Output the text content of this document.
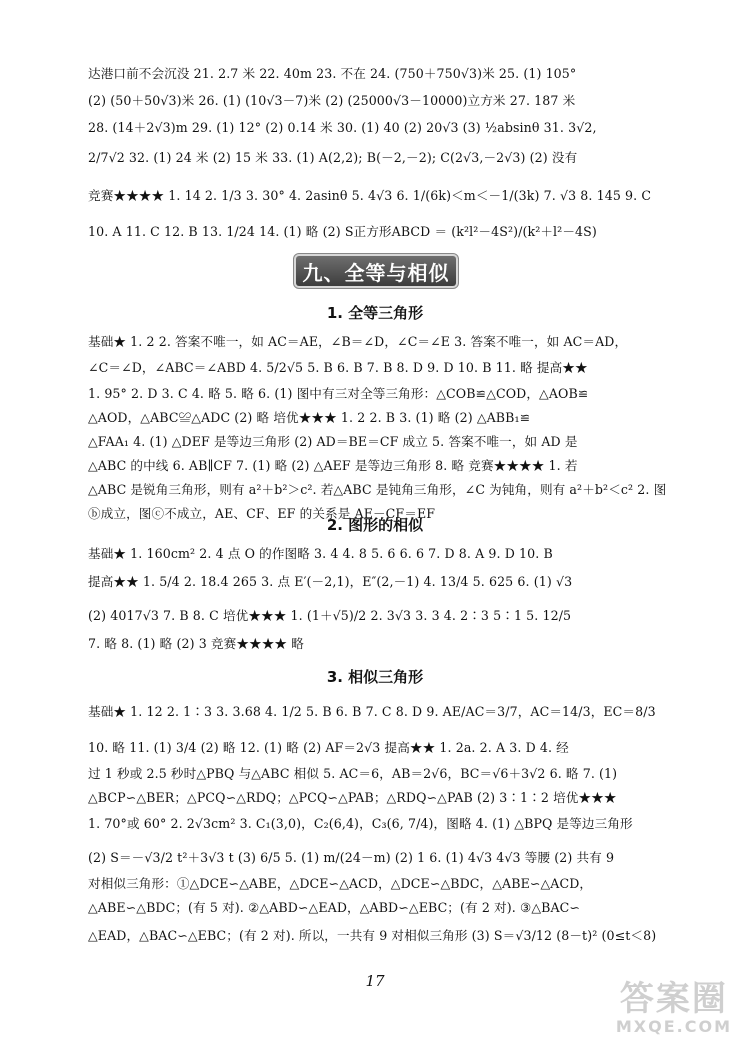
达港口前不会沉没 21. 2.7 米 22. 40m 23. 不在 24. (750＋750√3)米 25. (1) 105°
(2) (50＋50√3)米 26. (1) (10√3－7)米 (2) (25000√3－10000)立方米 27. 187 米
28. (14＋2√3)m 29. (1) 12° (2) 0.14 米 30. (1) 40 (2) 20√3 (3) ½absinθ 31. 3√2,
2/7√2 32. (1) 24 米 (2) 15 米 33. (1) A(2,2); B(－2,－2); C(2√3,－2√3) (2) 没有
竞赛★★★★ 1. 14 2. 1/3 3. 30° 4. 2asinθ 5. 4√3 6. 1/(6k)＜m＜－1/(3k) 7. √3 8. 145 9. C
10. A 11. C 12. B 13. 1/24 14. (1) 略 (2) S正方形ABCD ＝ (k²l²－4S²)/(k²＋l²－4S)
九、全等与相似
1. 全等三角形
基础★ 1. 2 2. 答案不唯一，如 AC＝AE，∠B＝∠D，∠C＝∠E 3. 答案不唯一，如 AC＝AD，
∠C＝∠D，∠ABC＝∠ABD 4. 5/2√5 5. B 6. B 7. B 8. D 9. D 10. B 11. 略 提高★★
1. 95° 2. D 3. C 4. 略 5. 略 6. (1) 图中有三对全等三角形：△COB≌△COD，△AOB≌
△AOD，△ABC≌△ADC (2) 略 培优★★★ 1. 2 2. B 3. (1) 略 (2) △ABB₁≌
△FAA₁ 4. (1) △DEF 是等边三角形 (2) AD＝BE＝CF 成立 5. 答案不唯一，如 AD 是
△ABC 的中线 6. AB∥CF 7. (1) 略 (2) △AEF 是等边三角形 8. 略 竞赛★★★★ 1. 若
△ABC 是锐角三角形，则有 a²＋b²＞c². 若△ABC 是钝角三角形，∠C 为钝角，则有 a²＋b²＜c² 2. 图
ⓑ成立，图ⓒ不成立，AE、CF、EF 的关系是 AE－CF＝EF
2. 图形的相似
基础★ 1. 160cm² 2. 4 点 O 的作图略 3. 4 4. 8 5. 6 6. 6 7. D 8. A 9. D 10. B
提高★★ 1. 5/4 2. 18.4 265 3. 点 E′(－2,1)，E″(2,－1) 4. 13/4 5. 625 6. (1) √3
(2) 4017√3 7. B 8. C 培优★★★ 1. (1＋√5)/2 2. 3√3 3. 3 4. 2∶3 5∶1 5. 12/5
7. 略 8. (1) 略 (2) 3 竞赛★★★★ 略
3. 相似三角形
基础★ 1. 12 2. 1∶3 3. 3.68 4. 1/2 5. B 6. B 7. C 8. D 9. AE/AC＝3/7，AC＝14/3，EC＝8/3
10. 略 11. (1) 3/4 (2) 略 12. (1) 略 (2) AF＝2√3 提高★★ 1. 2a. 2. A 3. D 4. 经
过 1 秒或 2.5 秒时△PBQ 与△ABC 相似 5. AC＝6，AB＝2√6，BC＝√6＋3√2 6. 略 7. (1)
△BCP∽△BER；△PCQ∽△RDQ；△PCQ∽△PAB；△RDQ∽△PAB (2) 3∶1∶2 培优★★★
1. 70°或 60° 2. 2√3cm² 3. C₁(3,0)，C₂(6,4)，C₃(6, 7/4)，图略 4. (1) △BPQ 是等边三角形
(2) S＝－√3/2 t²＋3√3 t (3) 6/5 5. (1) m/(24－m) (2) 1 6. (1) 4√3 4√3 等腰 (2) 共有 9
对相似三角形：①△DCE∽△ABE，△DCE∽△ACD，△DCE∽△BDC，△ABE∽△ACD，
△ABE∽△BDC；(有 5 对). ②△ABD∽△EAD，△ABD∽△EBC；(有 2 对). ③△BAC∽
△EAD，△BAC∽△EBC；(有 2 对). 所以，一共有 9 对相似三角形 (3) S＝√3/12 (8－t)² (0≤t＜8)
17	答案圈
MXQE.COM
